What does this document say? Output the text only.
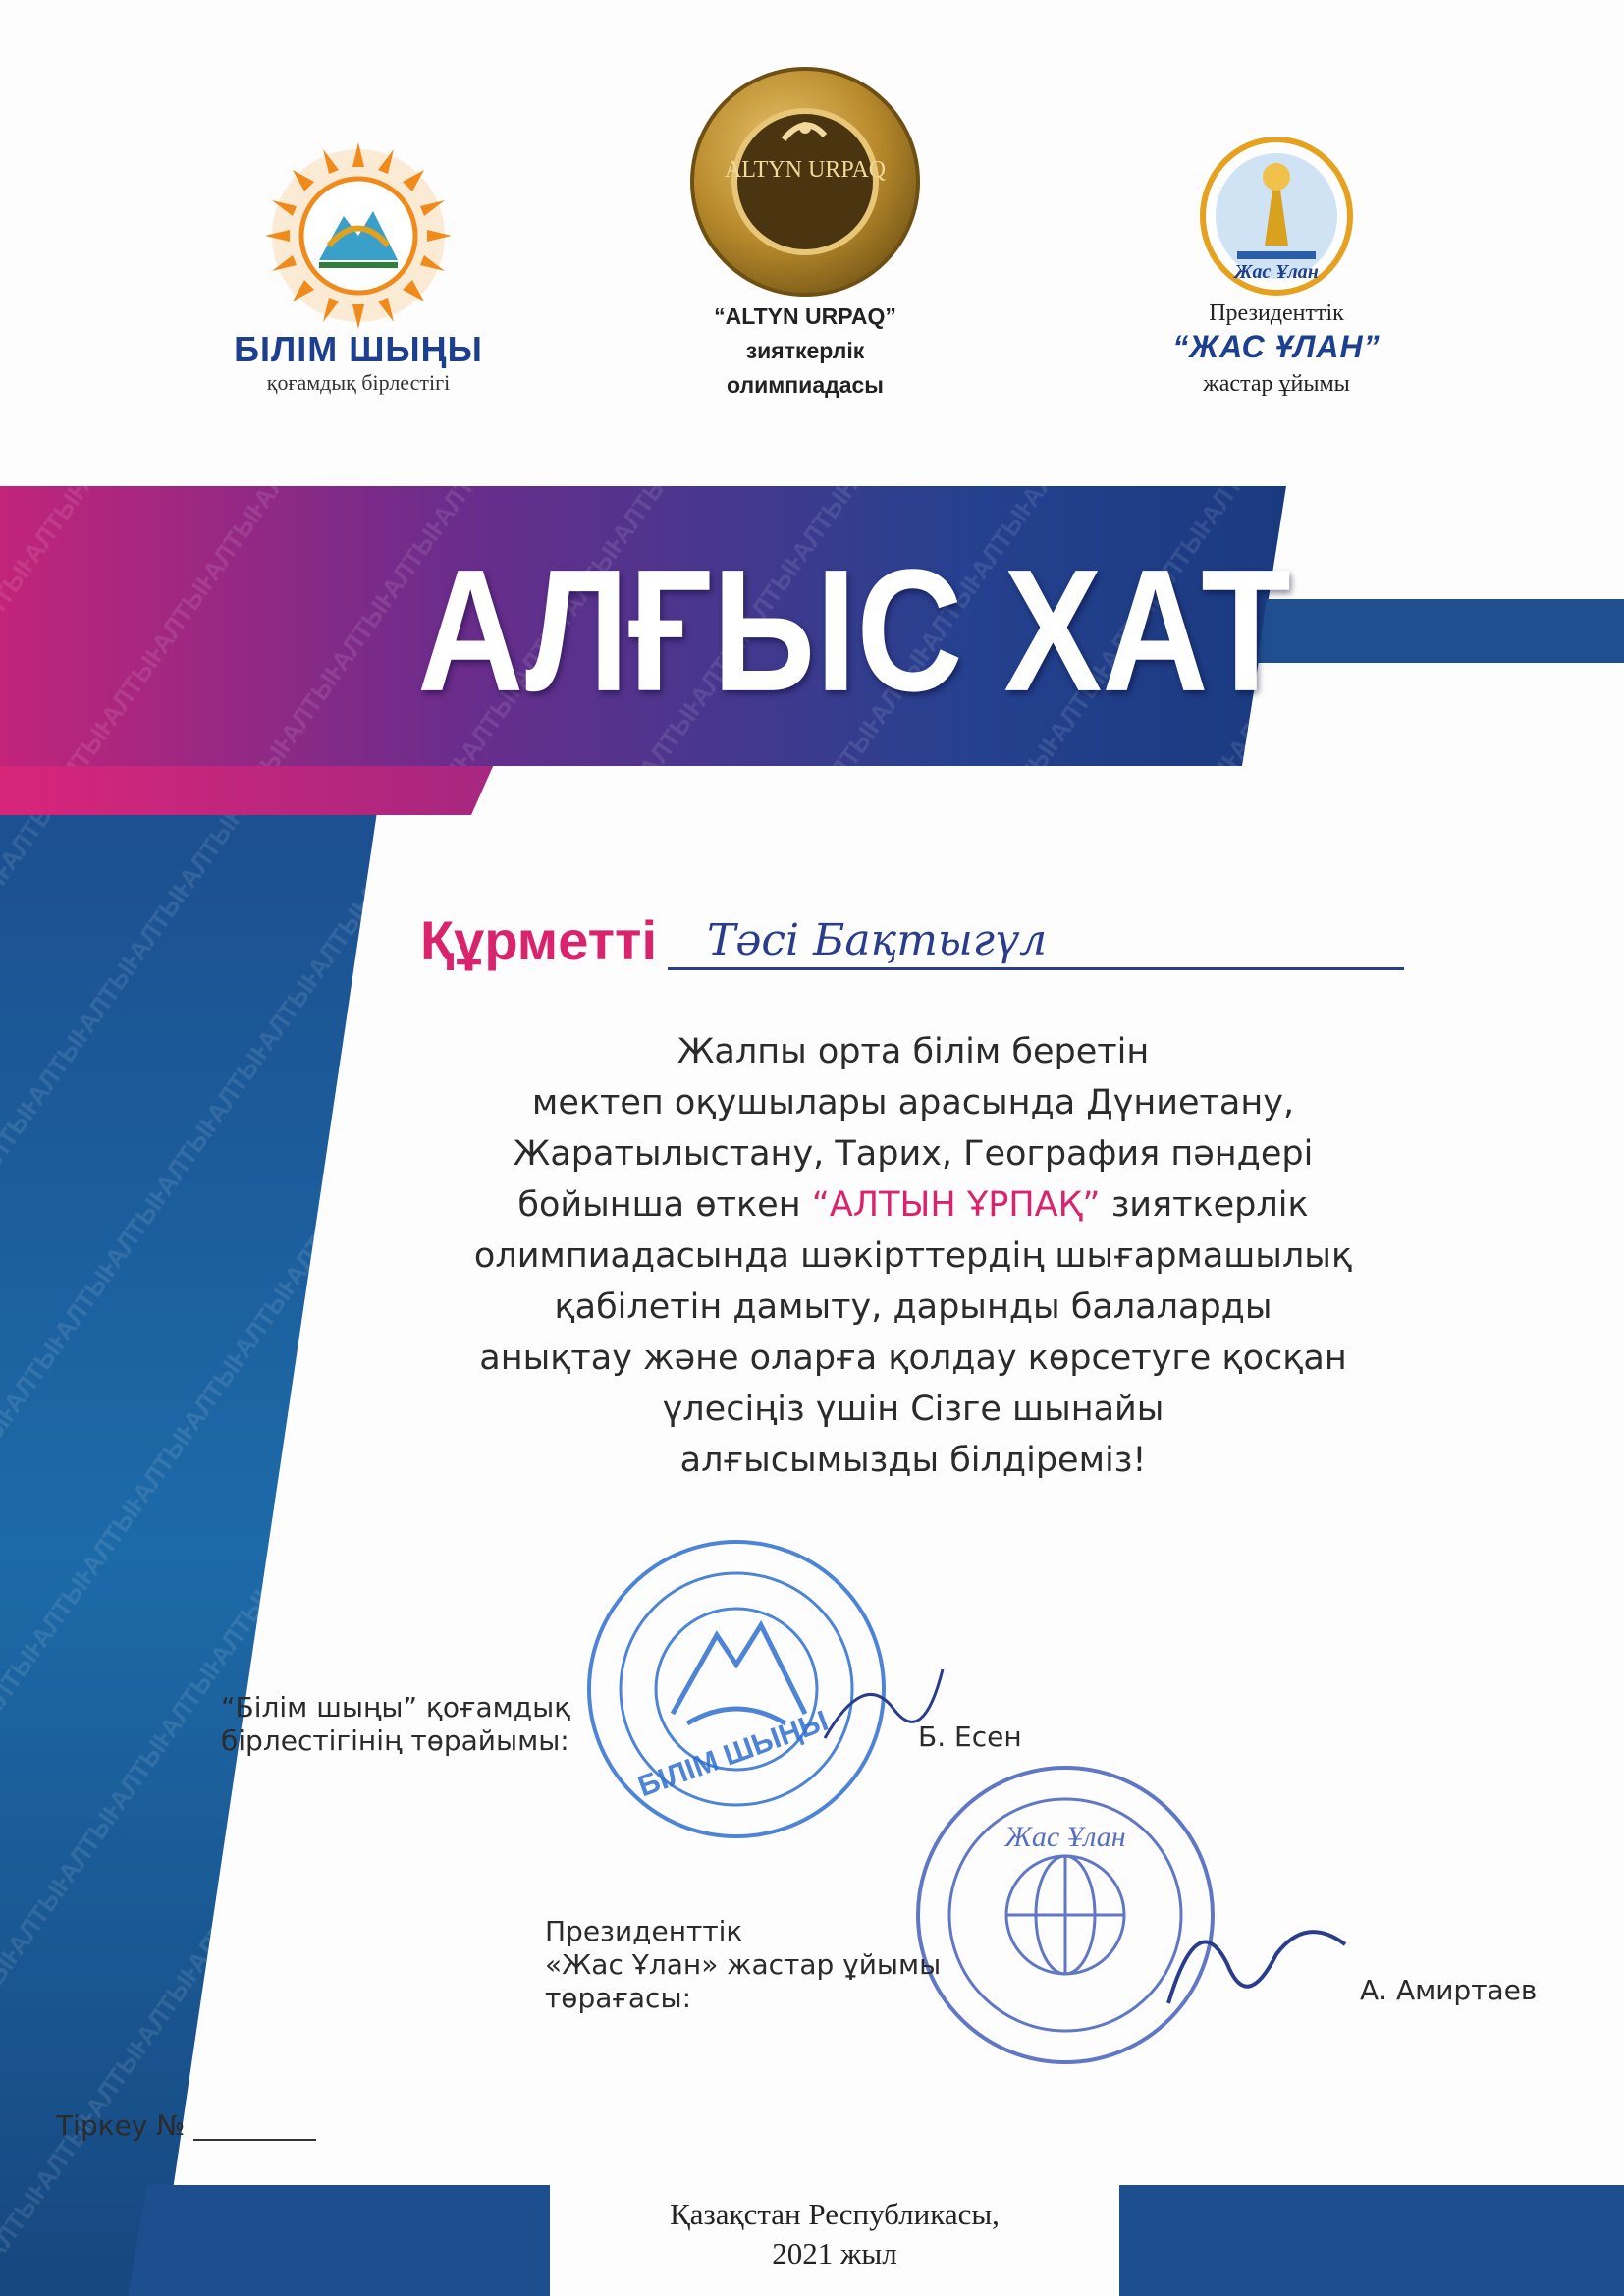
БІЛІМ ШЫҢЫ
қоғамдық бірлестігі
ALTYN URPAQ
“ALTYN URPAQ”
зияткерлік
олимпиадасы
Жас Ұлан
Президенттік
“ЖАС ҰЛАН”
жастар ұйымы
АЛҒЫС ХАТ
Құрметті Тəсі Бақтыгүл
Жалпы орта білім беретін
мектеп оқушылары арасында Дүниетану,
Жаратылыстану, Тарих, География пәндері
бойынша өткен “АЛТЫН ҰРПАҚ” зияткерлік
олимпиадасында шәкірттердің шығармашылық
қабілетін дамыту, дарынды балаларды
анықтау және оларға қолдау көрсетуге қосқан
үлесіңіз үшін Сізге шынайы
алғысымызды білдіреміз!
БІЛІМ ШЫҢЫ
“Білім шыңы” қоғамдық
бірлестігінің төрайымы:	Б. Есен
Жас Ұлан
Президенттік
«Жас Ұлан» жастар ұйымы
төрағасы:	А. Амиртаев
Тіркеу №
Қазақстан Республикасы,
2021 жыл
